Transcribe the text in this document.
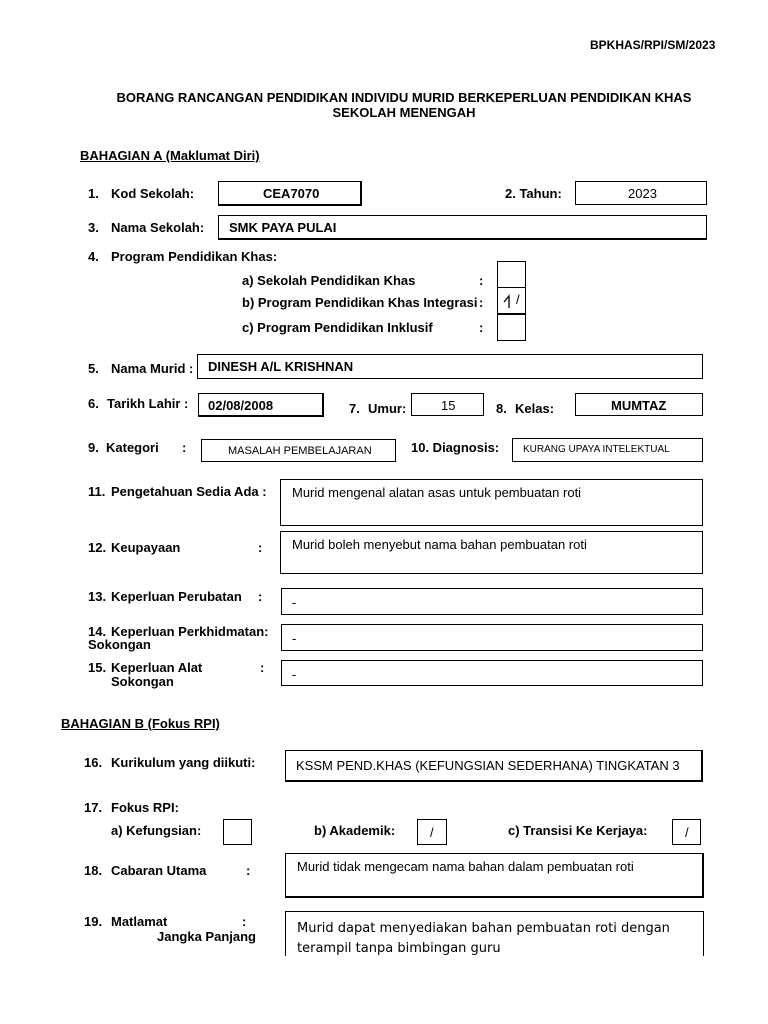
BPKHAS/RPI/SM/2023
BORANG RANCANGAN PENDIDIKAN INDIVIDU MURID BERKEPERLUAN PENDIDIKAN KHAS
SEKOLAH MENENGAH
BAHAGIAN A (Maklumat Diri)
1. Kod Sekolah:	CEA7070	2. Tahun:	2023
3. Nama Sekolah: SMK PAYA PULAI
4. Program Pendidikan Khas:
a) Sekolah Pendidikan Khas	:
b) Program Pendidikan Khas Integrasi :	/
c) Program Pendidikan Inklusif	:
5. Nama Murid : DINESH A/L KRISHNAN
6. Tarikh Lahir : 02/08/2008	7. Umur:	15	8. Kelas:	MUMTAZ
9. Kategori :	MASALAH PEMBELAJARAN	10. Diagnosis: KURANG UPAYA INTELEKTUAL
11. Pengetahuan Sedia Ada : Murid mengenal alatan asas untuk pembuatan roti
12. Keupayaan	: Murid boleh menyebut nama bahan pembuatan roti
13. Keperluan Perubatan : -
14. Keperluan Perkhidmatan:
Sokongan	-
15. Keperluan Alat
Sokongan
: -
BAHAGIAN B (Fokus RPI)
16. Kurikulum yang diikuti:	KSSM PEND.KHAS (KEFUNGSIAN SEDERHANA) TINGKATAN 3
17. Fokus RPI:
a) Kefungsian:	b) Akademik:	/	c) Transisi Ke Kerjaya:	/
18. Cabaran Utama	:	Murid tidak mengecam nama bahan dalam pembuatan roti
19. Matlamat	:
Jangka Panjang
Murid dapat menyediakan bahan pembuatan roti dengan
terampil tanpa bimbingan guru
